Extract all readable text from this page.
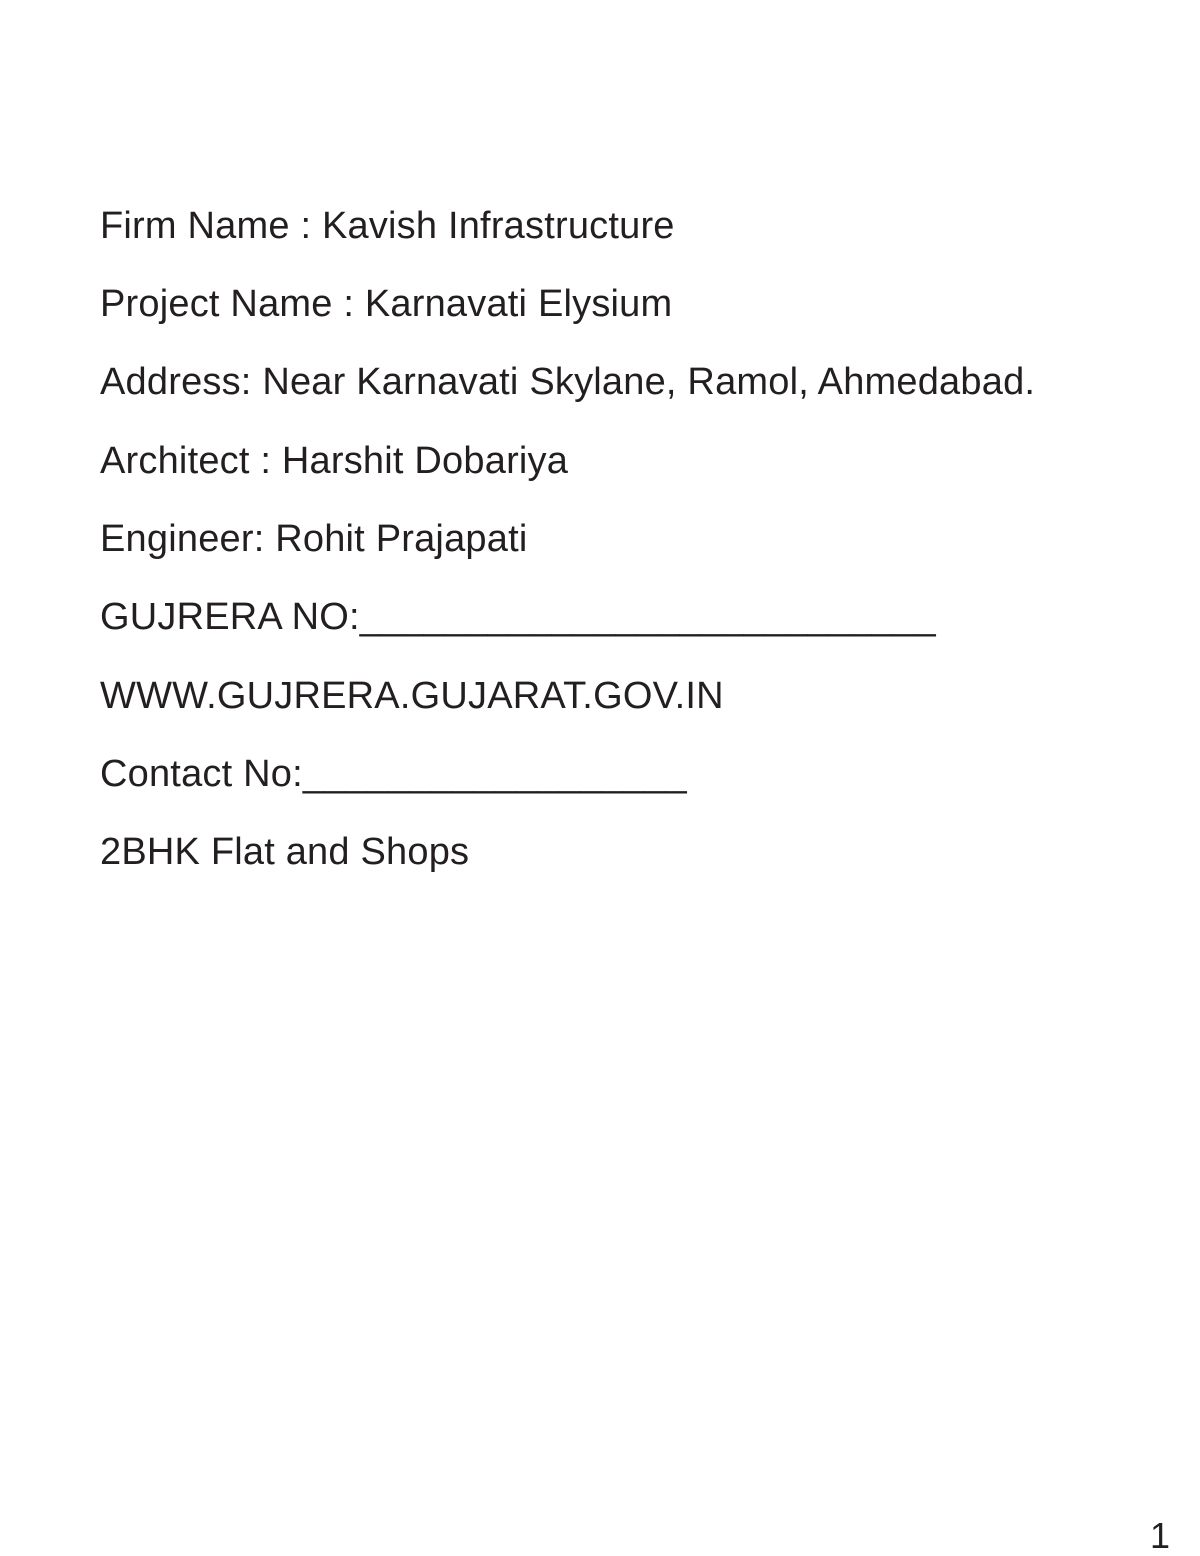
Firm Name : Kavish Infrastructure
Project Name : Karnavati Elysium
Address: Near Karnavati Skylane, Ramol, Ahmedabad.
Architect : Harshit Dobariya
Engineer: Rohit Prajapati
GUJRERA NO:___________________________
WWW.GUJRERA.GUJARAT.GOV.IN
Contact No:__________________
2BHK Flat and Shops
1
